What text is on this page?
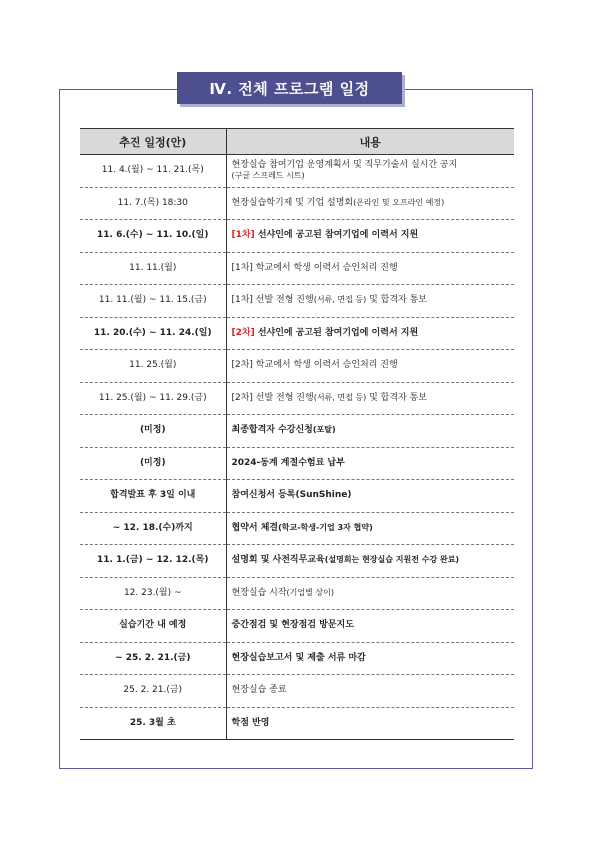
Ⅳ. 전체 프로그램 일정
추진 일정(안)	내용
11. 4.(월) ~ 11. 21.(목)	현장실습 참여기업 운영계획서 및 직무기술서 실시간 공지
(구글 스프레드 시트)
11. 7.(목) 18:30	현장실습학기제 및 기업 설명회(온라인 및 오프라인 예정)
11. 6.(수) ~ 11. 10.(일)	[1차] 선샤인에 공고된 참여기업에 이력서 지원
11. 11.(월)	[1차] 학교에서 학생 이력서 승인처리 진행
11. 11.(월) ~ 11. 15.(금)	[1차] 선발 전형 진행(서류, 면접 등) 및 합격자 통보
11. 20.(수) ~ 11. 24.(일)	[2차] 선샤인에 공고된 참여기업에 이력서 지원
11. 25.(월)	[2차] 학교에서 학생 이력서 승인처리 진행
11. 25.(월) ~ 11. 29.(금)	[2차] 선발 전형 진행(서류, 면접 등) 및 합격자 통보
(미정)	최종합격자 수강신청(포탈)
(미정)	2024-동계 계절수험료 납부
합격발표 후 3일 이내	참여신청서 등록(SunShine)
~ 12. 18.(수)까지	협약서 체결(학교-학생-기업 3자 협약)
11. 1.(금) ~ 12. 12.(목)	설명회 및 사전직무교육(설명회는 현장실습 지원전 수강 완료)
12. 23.(월) ~	현장실습 시작(기업별 상이)
실습기간 내 예정	중간점검 및 현장점검 방문지도
~ 25. 2. 21.(금)	현장실습보고서 및 제출 서류 마감
25. 2. 21.(금)	현장실습 종료
25. 3월 초	학점 반영
